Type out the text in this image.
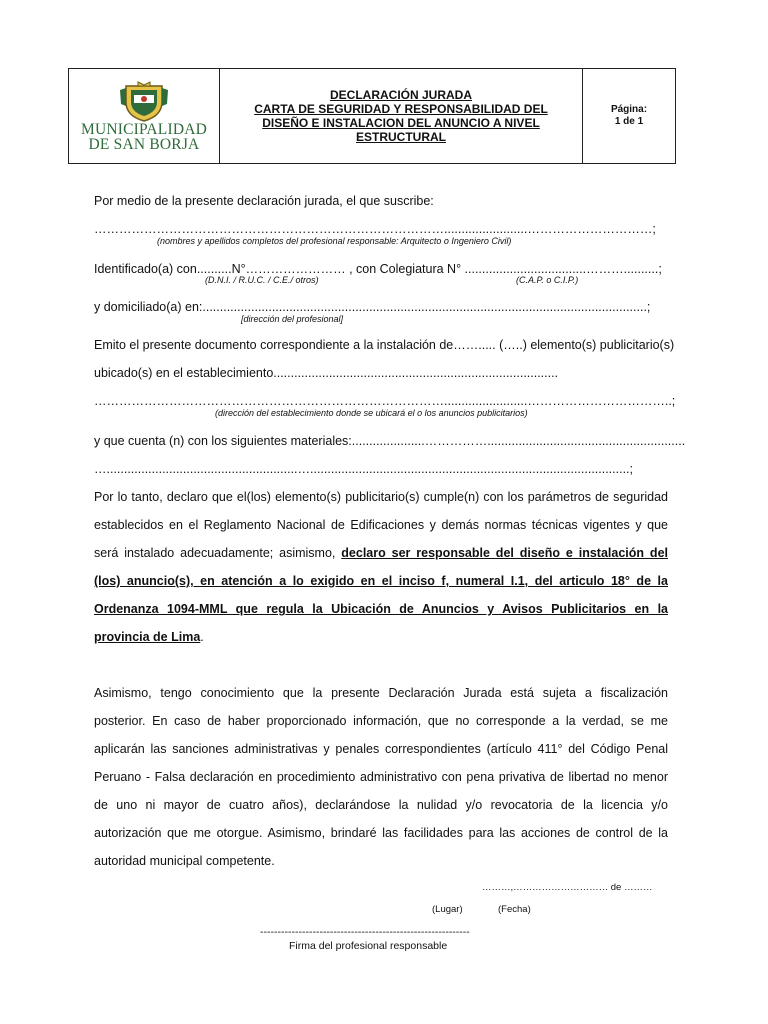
MUNICIPALIDAD
DE SAN BORJA
DECLARACIÓN JURADA
CARTA DE SEGURIDAD Y RESPONSABILIDAD DEL
DISEÑO E INSTALACION DEL ANUNCIO A NIVEL
ESTRUCTURAL
Página:
1 de 1
Por medio de la presente declaración jurada, el que suscribe:
…………………………………………………………………………........................…………………………;
(nombres y apellidos completos del profesional responsable: Arquitecto o Ingeniero Civil)
Identificado(a) con..........N°…………………… , con Colegiatura N° ...................................………..........;
(D.N.I. / R.U.C. / C.E./ otros)	(C.A.P. o C.I.P.)
y domiciliado(a) en:................................................................................................................................;
[dirección del profesional]
Emito el presente documento correspondiente a la instalación de……..... (…..) elemento(s) publicitario(s)
ubicado(s) en el establecimiento..................................................................................
…………………………………………………………………………........................……………………………..;
(dirección del establecimiento donde se ubicará el o los anuncios publicitarios)
y que cuenta (n) con los siguientes materiales:.....................…………….........................................................
….......................................................…............................................................................................;
Por lo tanto, declaro que el(los) elemento(s) publicitario(s) cumple(n) con los parámetros de seguridad
establecidos en el Reglamento Nacional de Edificaciones y demás normas técnicas vigentes y que
será instalado adecuadamente; asimismo, declaro ser responsable del diseño e instalación del
(los) anuncio(s), en atención a lo exigido en el inciso f, numeral I.1, del articulo 18° de la
Ordenanza 1094-MML que regula la Ubicación de Anuncios y Avisos Publicitarios en la
provincia de Lima.
Asimismo, tengo conocimiento que la presente Declaración Jurada está sujeta a fiscalización
posterior. En caso de haber proporcionado información, que no corresponde a la verdad, se me
aplicarán las sanciones administrativas y penales correspondientes (artículo 411° del Código Penal
Peruano - Falsa declaración en procedimiento administrativo con pena privativa de libertad no menor
de uno ni mayor de cuatro años), declarándose la nulidad y/o revocatoria de la licencia y/o
autorización que me otorgue. Asimismo, brindaré las facilidades para las acciones de control de la
autoridad municipal competente.
………,………………………… de ………
(Lugar)	(Fecha)
------------------------------------------------------------
Firma del profesional responsable
